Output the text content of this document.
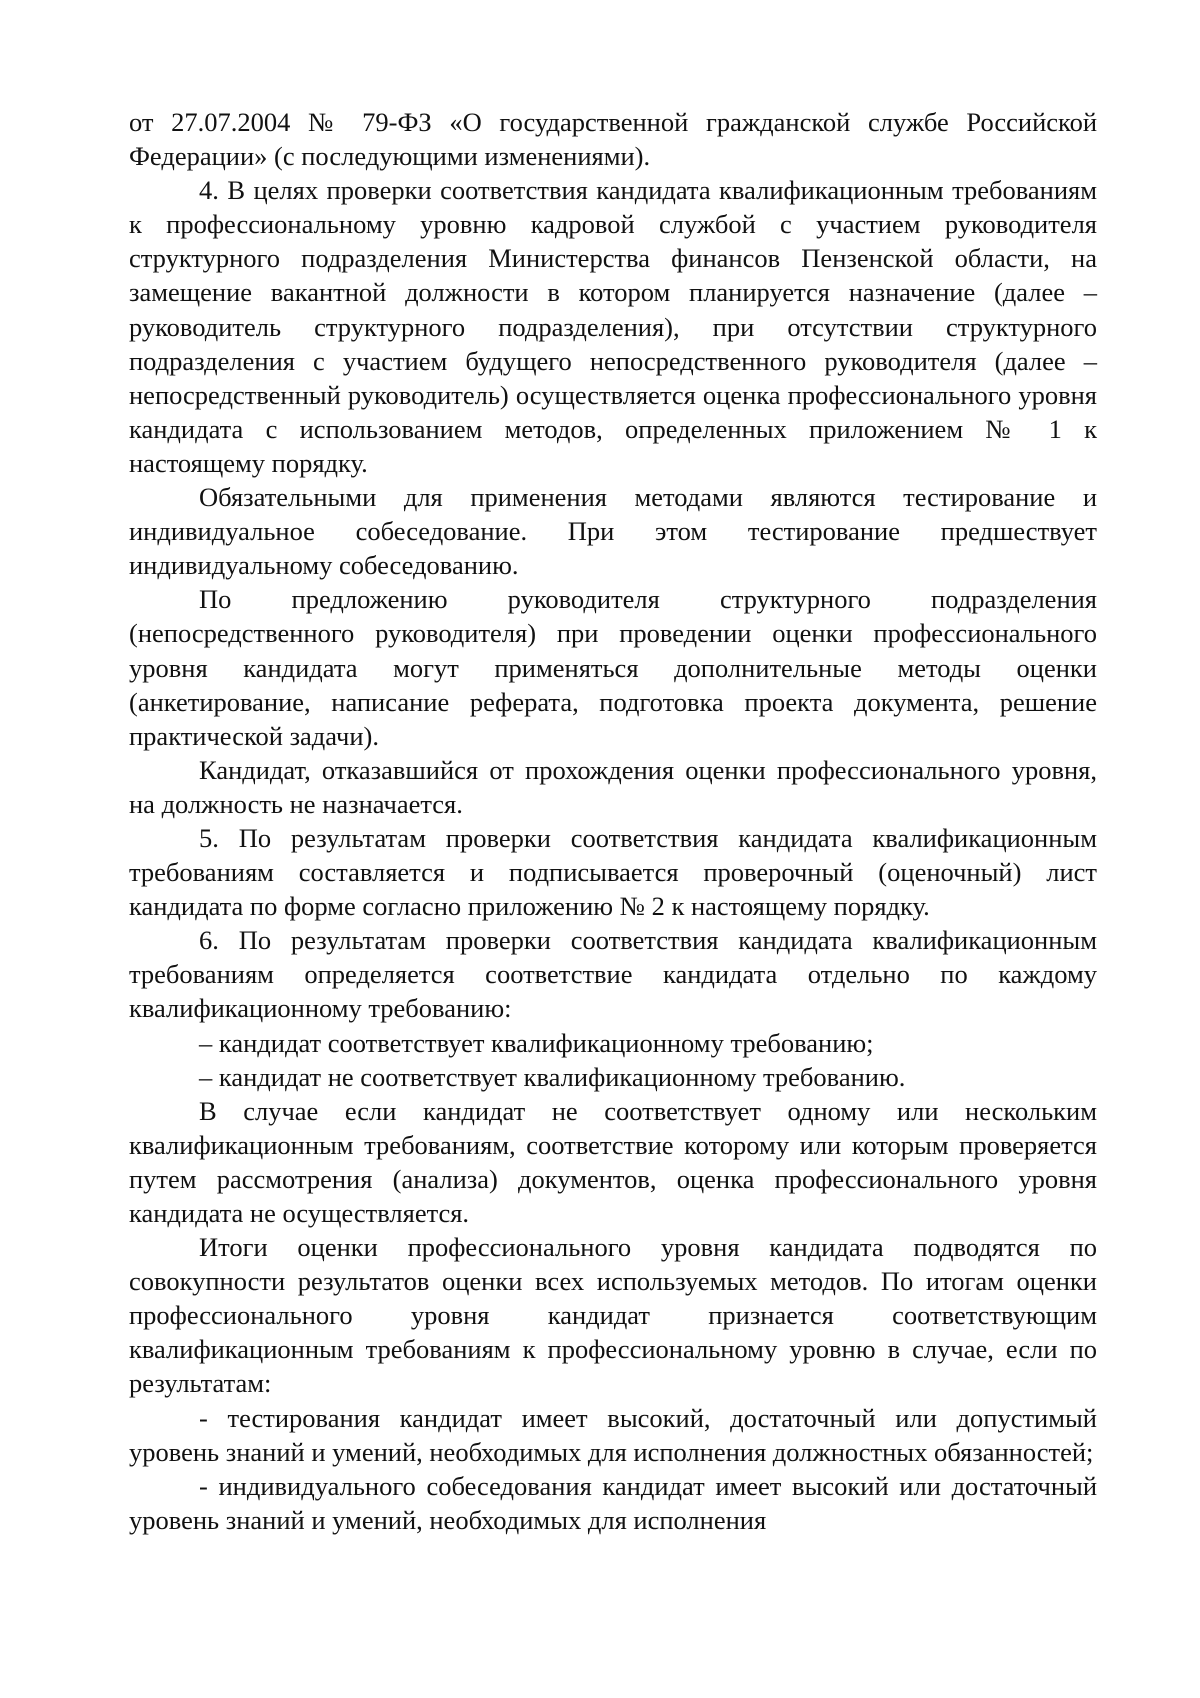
от 27.07.2004 № 79-ФЗ «О государственной гражданской службе Российской Федерации» (с последующими изменениями).

4. В целях проверки соответствия кандидата квалификационным требованиям к профессиональному уровню кадровой службой с участием руководителя структурного подразделения Министерства финансов Пензенской области, на замещение вакантной должности в котором планируется назначение (далее – руководитель структурного подразделения), при отсутствии структурного подразделения с участием будущего непосредственного руководителя (далее – непосредственный руководитель) осуществляется оценка профессионального уровня кандидата с использованием методов, определенных приложением № 1 к настоящему порядку.

Обязательными для применения методами являются тестирование и индивидуальное собеседование. При этом тестирование предшествует индивидуальному собеседованию.

По предложению руководителя структурного подразделения (непосредственного руководителя) при проведении оценки профессионального уровня кандидата могут применяться дополнительные методы оценки (анкетирование, написание реферата, подготовка проекта документа, решение практической задачи).

Кандидат, отказавшийся от прохождения оценки профессионального уровня, на должность не назначается.

5. По результатам проверки соответствия кандидата квалификационным требованиям составляется и подписывается проверочный (оценочный) лист кандидата по форме согласно приложению № 2 к настоящему порядку.

6. По результатам проверки соответствия кандидата квалификационным требованиям определяется соответствие кандидата отдельно по каждому квалификационному требованию:

– кандидат соответствует квалификационному требованию;

– кандидат не соответствует квалификационному требованию.

В случае если кандидат не соответствует одному или нескольким квалификационным требованиям, соответствие которому или которым проверяется путем рассмотрения (анализа) документов, оценка профессионального уровня кандидата не осуществляется.

Итоги оценки профессионального уровня кандидата подводятся по совокупности результатов оценки всех используемых методов. По итогам оценки профессионального уровня кандидат признается соответствующим квалификационным требованиям к профессиональному уровню в случае, если по результатам:

- тестирования кандидат имеет высокий, достаточный или допустимый уровень знаний и умений, необходимых для исполнения должностных обязанностей;

- индивидуального собеседования кандидат имеет высокий или достаточный уровень знаний и умений, необходимых для исполнения
